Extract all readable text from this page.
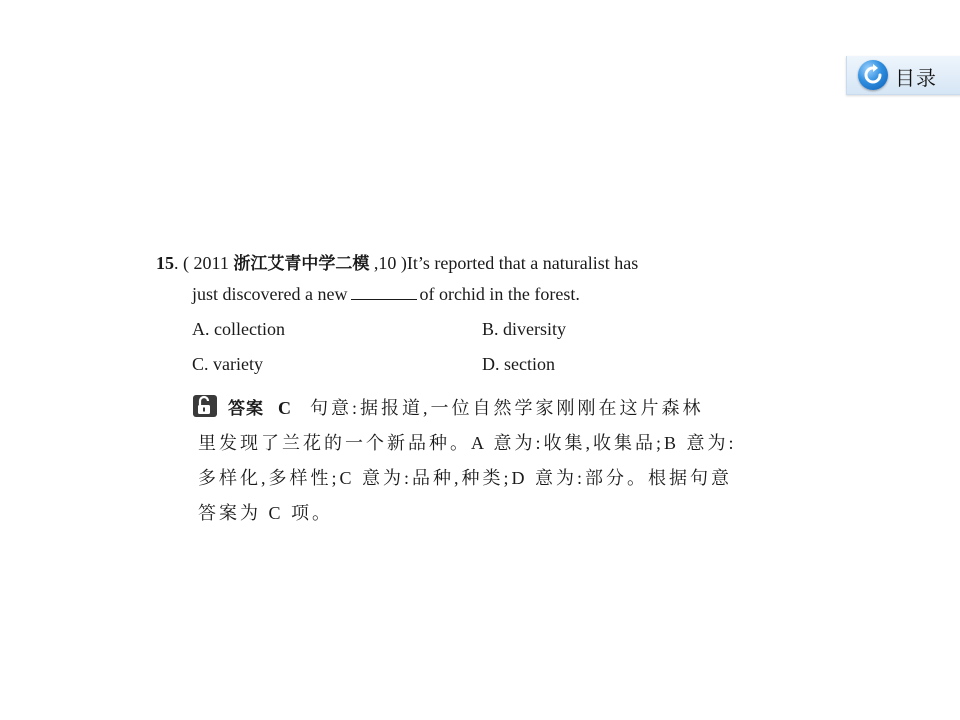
目录
15. ( 2011 浙江艾青中学二模 ,10 )It’s reported that a naturalist has
just discovered a new	of orchid in the forest.
A. collection	B. diversity
C. variety	D. section
答案 C 句意:据报道,一位自然学家刚刚在这片森林
里发现了兰花的一个新品种。A 意为:收集,收集品;B 意为:
多样化,多样性;C 意为:品种,种类;D 意为:部分。根据句意
答案为 C 项。
